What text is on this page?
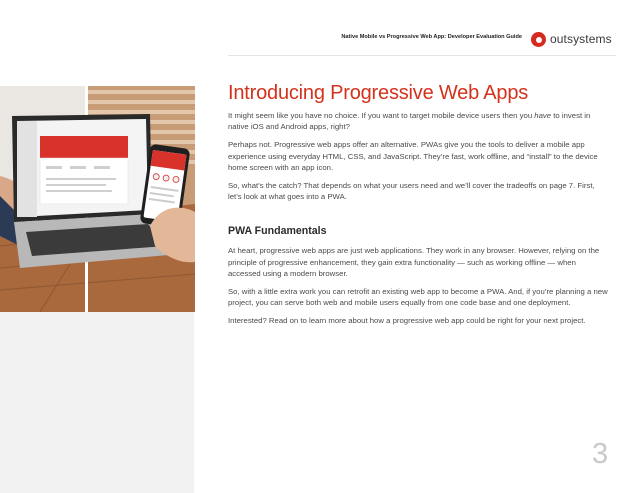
Native Mobile vs Progressive Web App: Developer Evaluation Guide outsystems
Introducing Progressive Web Apps

It might seem like you have no choice. If you want to target mobile device users then you have to invest in native iOS and Android apps, right?

Perhaps not. Progressive web apps offer an alternative. PWAs give you the tools to deliver a mobile app experience using everyday HTML, CSS, and JavaScript. They’re fast, work offline, and “install” to the device home screen with an app icon.

So, what’s the catch? That depends on what your users need and we’ll cover the tradeoffs on page 7. First, let’s look at what goes into a PWA.

PWA Fundamentals

At heart, progressive web apps are just web applications. They work in any browser. However, relying on the principle of progressive enhancement, they gain extra functionality — such as working offline — when accessed using a modern browser.

So, with a little extra work you can retrofit an existing web app to become a PWA. And, if you’re planning a new project, you can serve both web and mobile users equally from one code base and one deployment.

Interested? Read on to learn more about how a progressive web app could be right for your next project.

3
